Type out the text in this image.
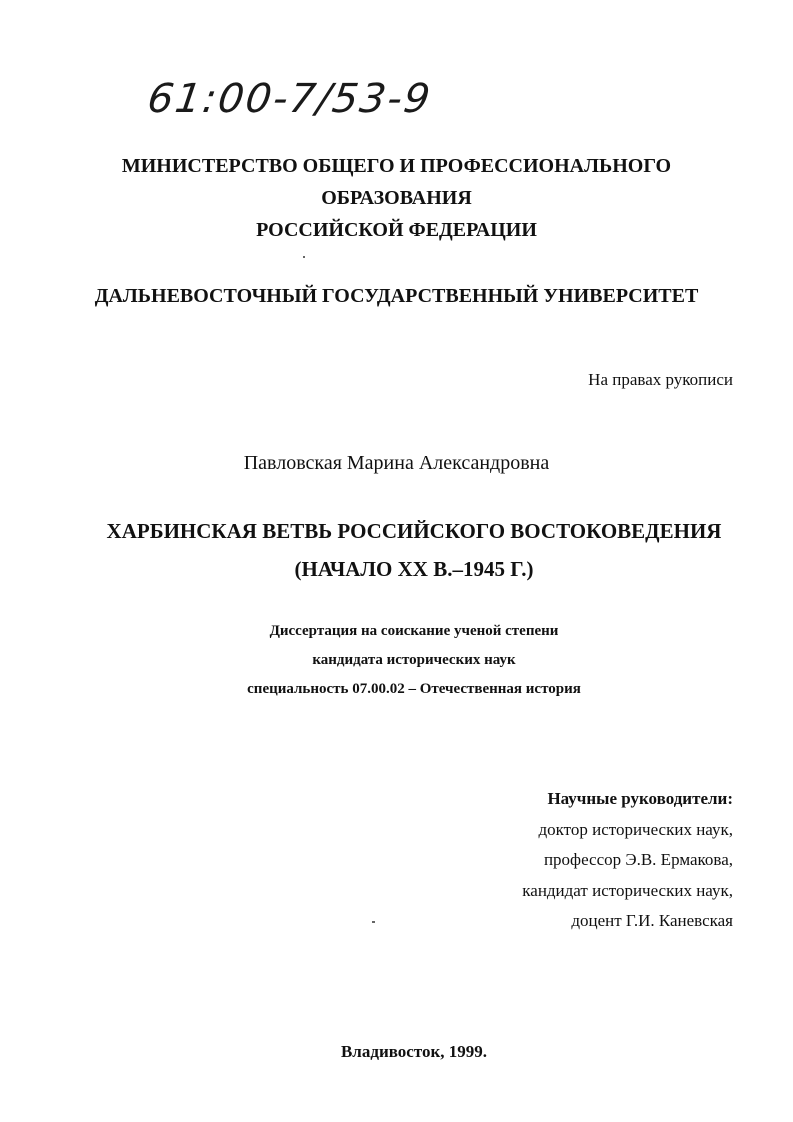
61:00-7/53-9
МИНИСТЕРСТВО ОБЩЕГО И ПРОФЕССИОНАЛЬНОГО
ОБРАЗОВАНИЯ
РОССИЙСКОЙ ФЕДЕРАЦИИ
ДАЛЬНЕВОСТОЧНЫЙ ГОСУДАРСТВЕННЫЙ УНИВЕРСИТЕТ
На правах рукописи
Павловская Марина Александровна
ХАРБИНСКАЯ ВЕТВЬ РОССИЙСКОГО ВОСТОКОВЕДЕНИЯ
(НАЧАЛО XX В.–1945 Г.)
Диссертация на соискание ученой степени
кандидата исторических наук
специальность 07.00.02 – Отечественная история
Научные руководители:
доктор исторических наук,
профессор Э.В. Ермакова,
кандидат исторических наук,
доцент Г.И. Каневская
Владивосток, 1999.
